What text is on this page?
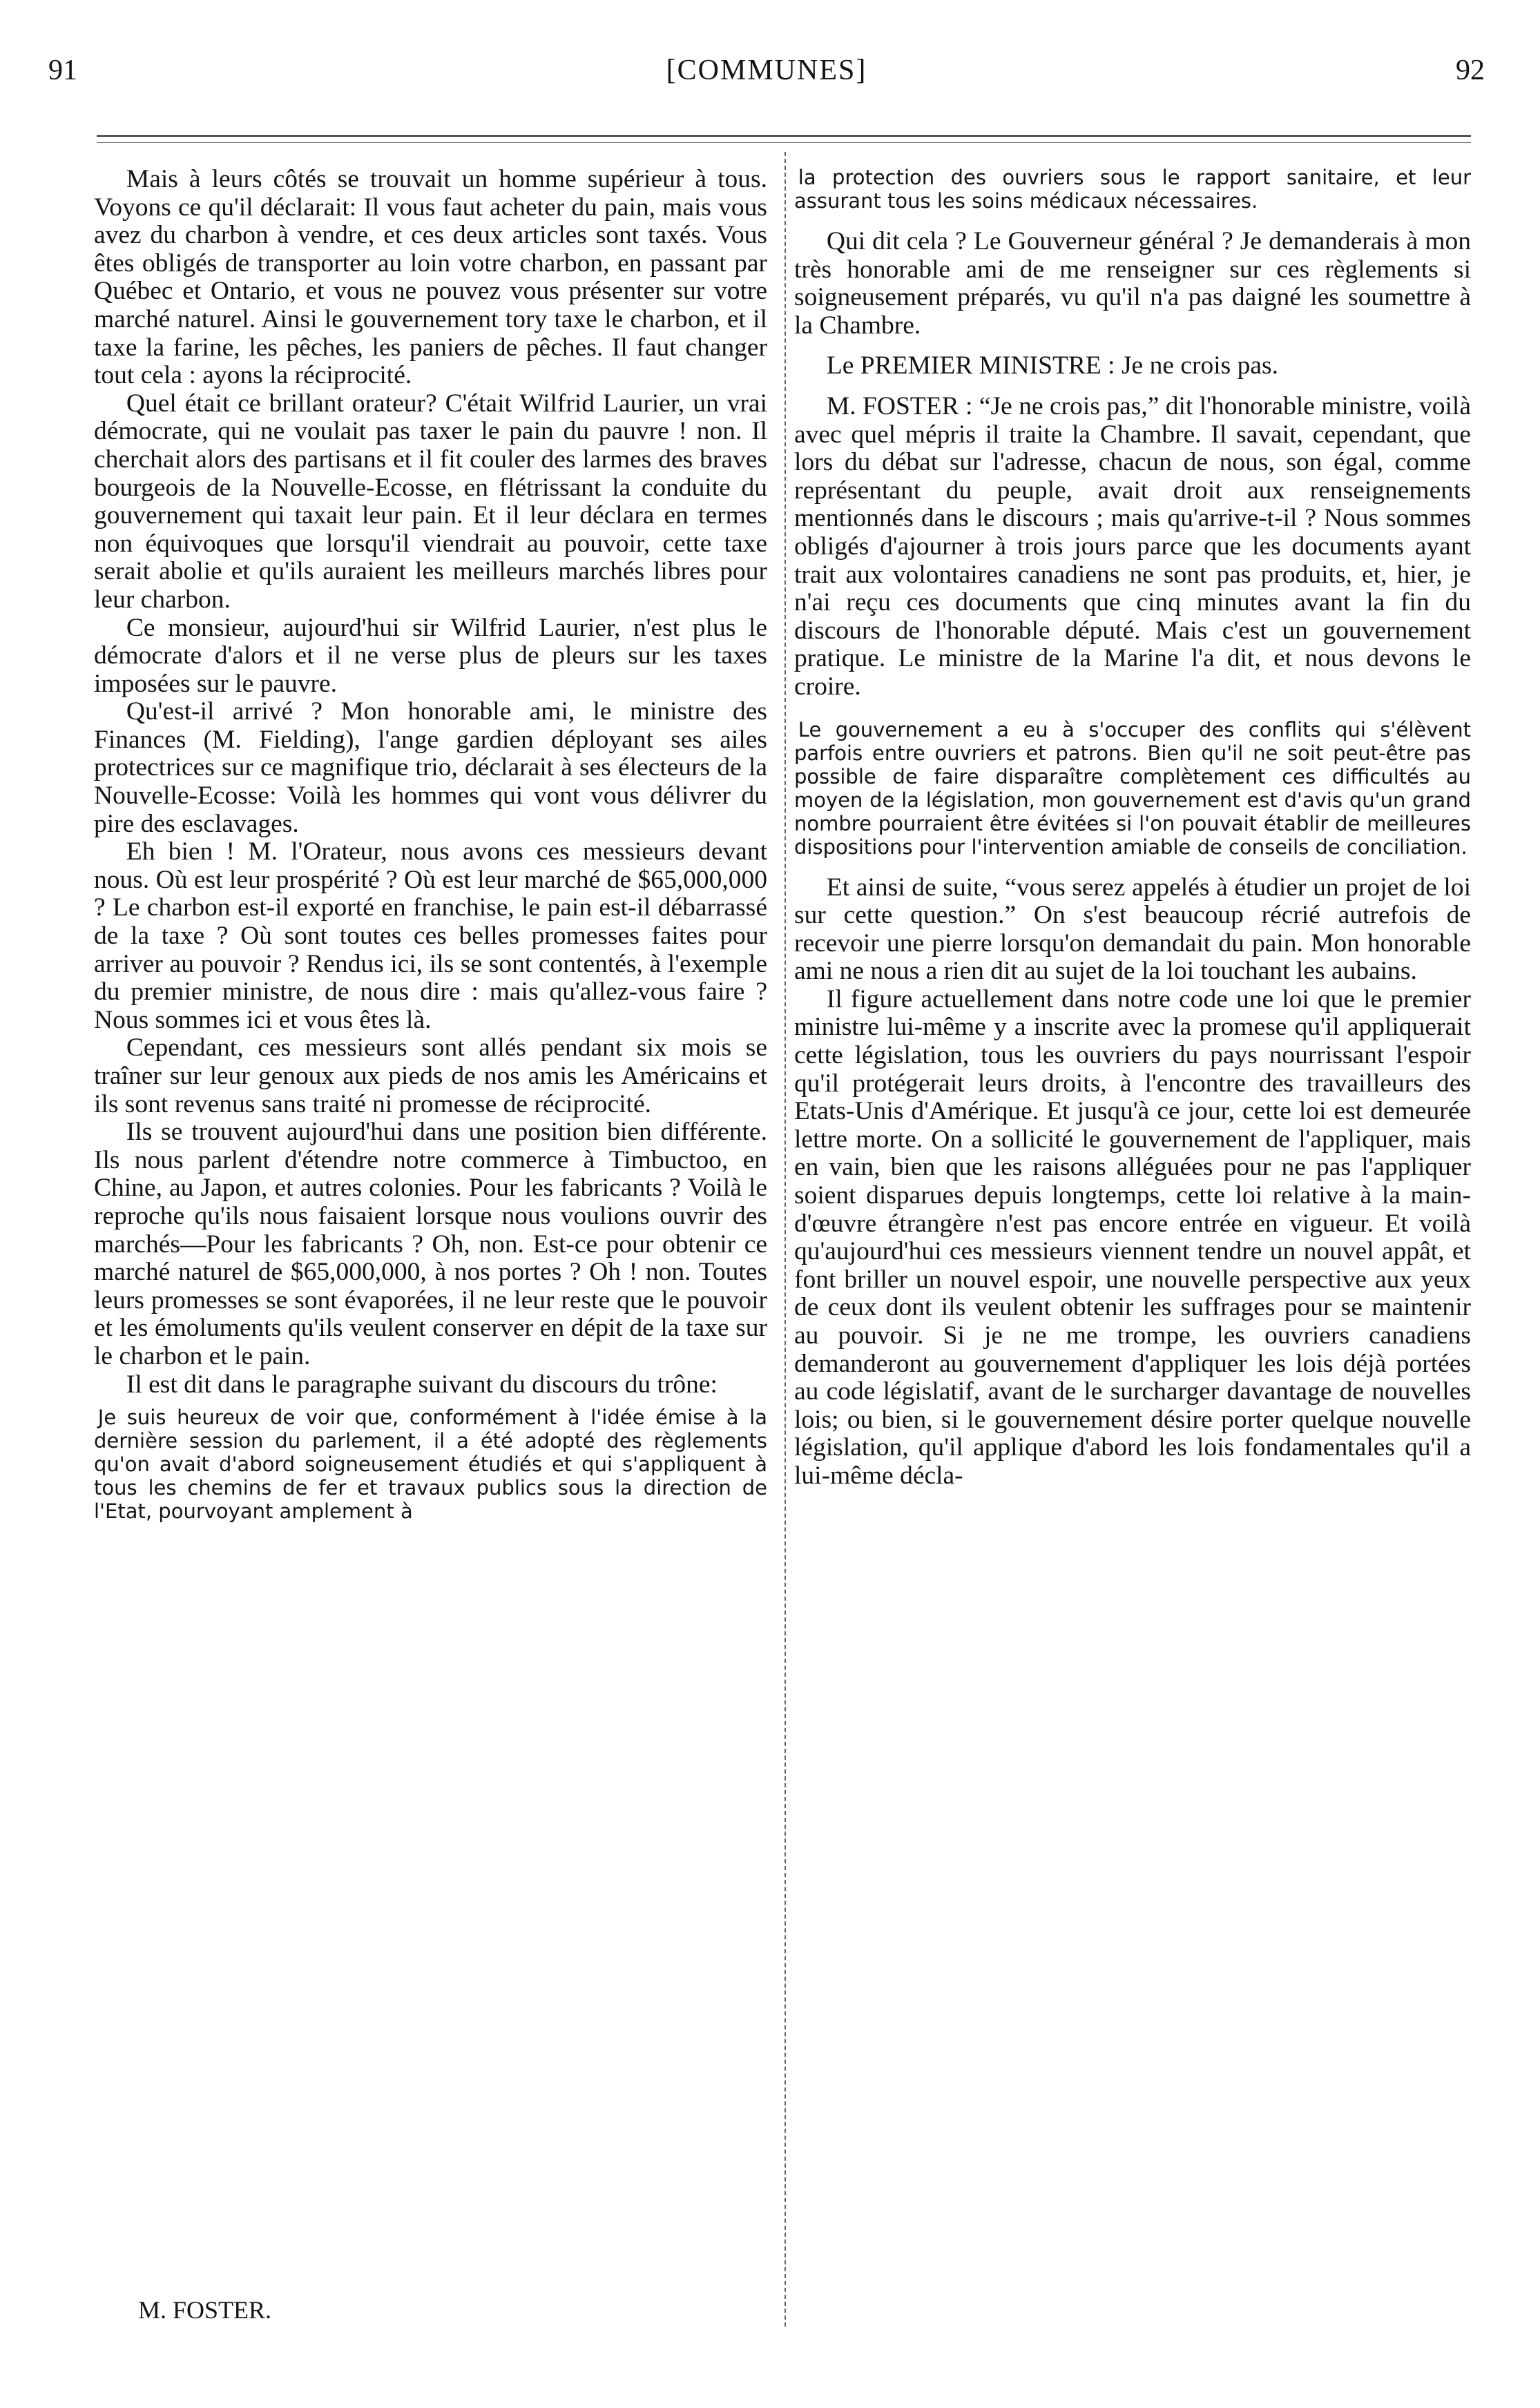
91	[COMMUNES]	92

Mais à leurs côtés se trouvait un homme supérieur à tous. Voyons ce qu'il déclarait: Il vous faut acheter du pain, mais vous avez du charbon à vendre, et ces deux articles sont taxés. Vous êtes obligés de transporter au loin votre charbon, en passant par Québec et Ontario, et vous ne pouvez vous présenter sur votre marché naturel. Ainsi le gouvernement tory taxe le charbon, et il taxe la farine, les pêches, les paniers de pêches. Il faut changer tout cela : ayons la réciprocité.

Quel était ce brillant orateur? C'était Wilfrid Laurier, un vrai démocrate, qui ne voulait pas taxer le pain du pauvre ! non. Il cherchait alors des partisans et il fit couler des larmes des braves bourgeois de la Nouvelle-Ecosse, en flétrissant la conduite du gouvernement qui taxait leur pain. Et il leur déclara en termes non équivoques que lorsqu'il viendrait au pouvoir, cette taxe serait abolie et qu'ils auraient les meilleurs marchés libres pour leur charbon.

Ce monsieur, aujourd'hui sir Wilfrid Laurier, n'est plus le démocrate d'alors et il ne verse plus de pleurs sur les taxes imposées sur le pauvre.

Qu'est-il arrivé ? Mon honorable ami, le ministre des Finances (M. Fielding), l'ange gardien déployant ses ailes protectrices sur ce magnifique trio, déclarait à ses électeurs de la Nouvelle-Ecosse: Voilà les hommes qui vont vous délivrer du pire des esclavages.

Eh bien ! M. l'Orateur, nous avons ces messieurs devant nous. Où est leur prospérité ? Où est leur marché de $65,000,000 ? Le charbon est-il exporté en franchise, le pain est-il débarrassé de la taxe ? Où sont toutes ces belles promesses faites pour arriver au pouvoir ? Rendus ici, ils se sont contentés, à l'exemple du premier ministre, de nous dire : mais qu'allez-vous faire ? Nous sommes ici et vous êtes là.

Cependant, ces messieurs sont allés pendant six mois se traîner sur leur genoux aux pieds de nos amis les Américains et ils sont revenus sans traité ni promesse de réciprocité.

Ils se trouvent aujourd'hui dans une position bien différente. Ils nous parlent d'étendre notre commerce à Timbuctoo, en Chine, au Japon, et autres colonies. Pour les fabricants ? Voilà le reproche qu'ils nous faisaient lorsque nous voulions ouvrir des marchés—Pour les fabricants ? Oh, non. Est-ce pour obtenir ce marché naturel de $65,000,000, à nos portes ? Oh ! non. Toutes leurs promesses se sont évaporées, il ne leur reste que le pouvoir et les émoluments qu'ils veulent conserver en dépit de la taxe sur le charbon et le pain.

Il est dit dans le paragraphe suivant du discours du trône:

Je suis heureux de voir que, conformément à l'idée émise à la dernière session du parlement, il a été adopté des règlements qu'on avait d'abord soigneusement étudiés et qui s'appliquent à tous les chemins de fer et travaux publics sous la direction de l'Etat, pourvoyant amplement à

M. FOSTER.

la protection des ouvriers sous le rapport sanitaire, et leur assurant tous les soins médicaux nécessaires.

Qui dit cela ? Le Gouverneur général ? Je demanderais à mon très honorable ami de me renseigner sur ces règlements si soigneusement préparés, vu qu'il n'a pas daigné les soumettre à la Chambre.

Le PREMIER MINISTRE : Je ne crois pas.

M. FOSTER : “Je ne crois pas,” dit l'honorable ministre, voilà avec quel mépris il traite la Chambre. Il savait, cependant, que lors du débat sur l'adresse, chacun de nous, son égal, comme représentant du peuple, avait droit aux renseignements mentionnés dans le discours ; mais qu'arrive-t-il ? Nous sommes obligés d'ajourner à trois jours parce que les documents ayant trait aux volontaires canadiens ne sont pas produits, et, hier, je n'ai reçu ces documents que cinq minutes avant la fin du discours de l'honorable député. Mais c'est un gouvernement pratique. Le ministre de la Marine l'a dit, et nous devons le croire.

Le gouvernement a eu à s'occuper des conflits qui s'élèvent parfois entre ouvriers et patrons. Bien qu'il ne soit peut-être pas possible de faire disparaître complètement ces difficultés au moyen de la législation, mon gouvernement est d'avis qu'un grand nombre pourraient être évitées si l'on pouvait établir de meilleures dispositions pour l'intervention amiable de conseils de conciliation.

Et ainsi de suite, “vous serez appelés à étudier un projet de loi sur cette question.” On s'est beaucoup récrié autrefois de recevoir une pierre lorsqu'on demandait du pain. Mon honorable ami ne nous a rien dit au sujet de la loi touchant les aubains.

Il figure actuellement dans notre code une loi que le premier ministre lui-même y a inscrite avec la promese qu'il appliquerait cette législation, tous les ouvriers du pays nourrissant l'espoir qu'il protégerait leurs droits, à l'encontre des travailleurs des Etats-Unis d'Amérique. Et jusqu'à ce jour, cette loi est demeurée lettre morte. On a sollicité le gouvernement de l'appliquer, mais en vain, bien que les raisons alléguées pour ne pas l'appliquer soient disparues depuis longtemps, cette loi relative à la main-d'œuvre étrangère n'est pas encore entrée en vigueur. Et voilà qu'aujourd'hui ces messieurs viennent tendre un nouvel appât, et font briller un nouvel espoir, une nouvelle perspective aux yeux de ceux dont ils veulent obtenir les suffrages pour se maintenir au pouvoir. Si je ne me trompe, les ouvriers canadiens demanderont au gouvernement d'appliquer les lois déjà portées au code législatif, avant de le surcharger davantage de nouvelles lois; ou bien, si le gouvernement désire porter quelque nouvelle législation, qu'il applique d'abord les lois fondamentales qu'il a lui-même décla-
